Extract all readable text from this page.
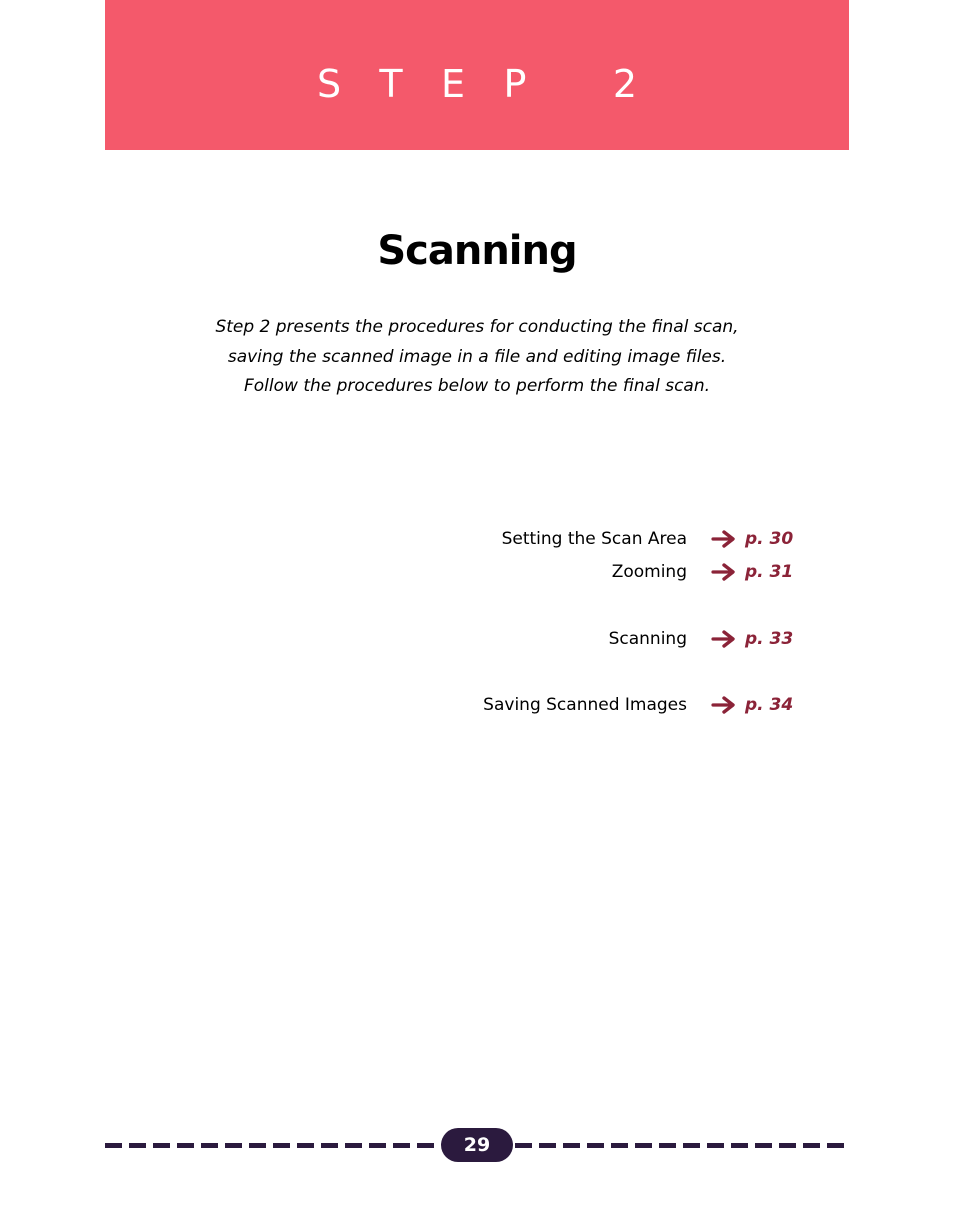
S T E P 2
Scanning
Step 2 presents the procedures for conducting the final scan,
saving the scanned image in a file and editing image files.
Follow the procedures below to perform the final scan.
Setting the Scan Area	p. 30
Zooming	p. 31
Scanning	p. 33
Saving Scanned Images	p. 34
29
